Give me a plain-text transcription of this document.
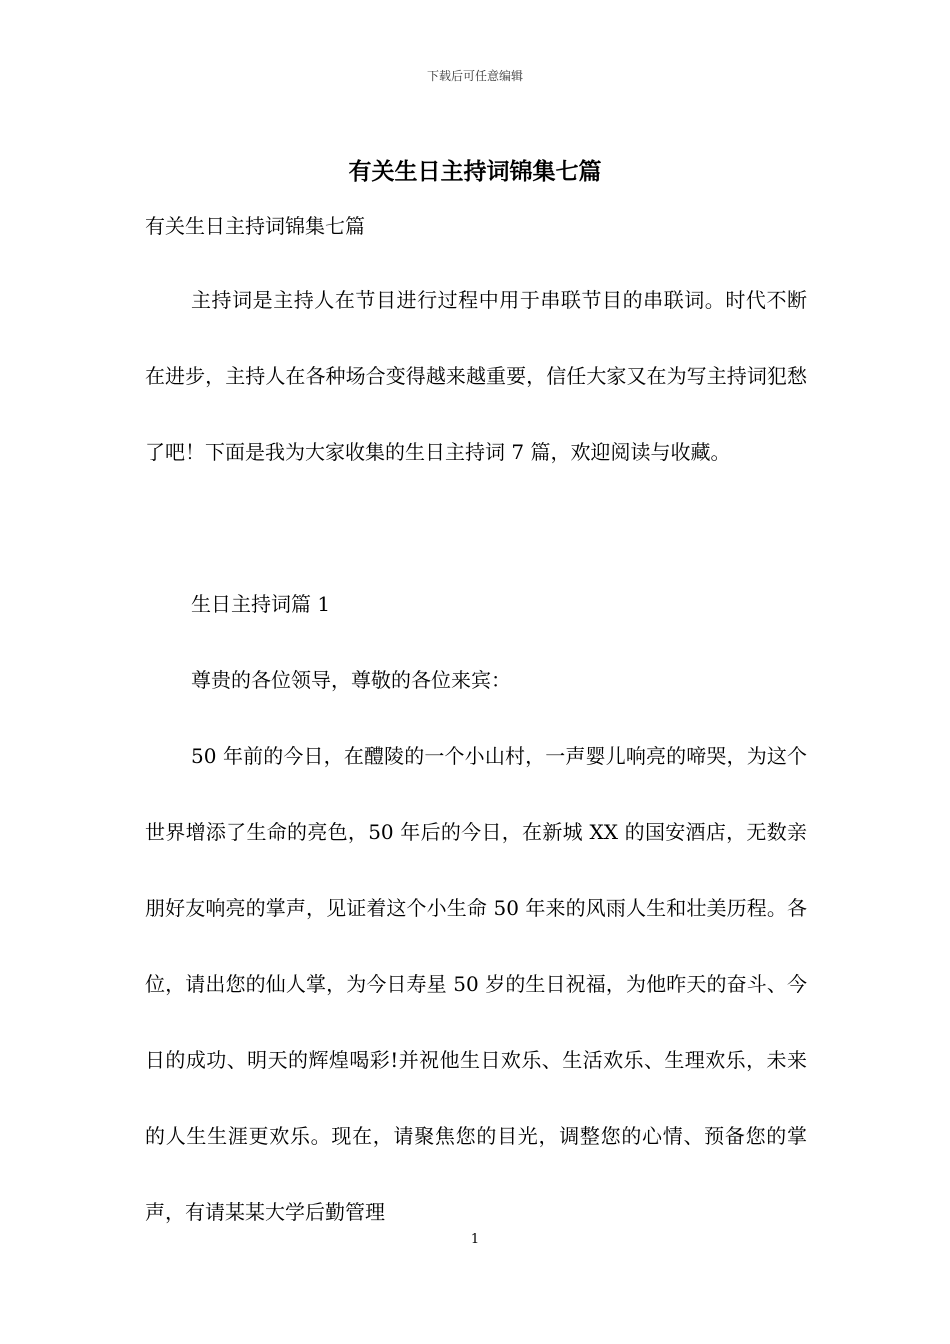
下载后可任意编辑
有关生日主持词锦集七篇
有关生日主持词锦集七篇

主持词是主持人在节目进行过程中用于串联节目的串联词。时代不断在进步，主持人在各种场合变得越来越重要，信任大家又在为写主持词犯愁了吧！下面是我为大家收集的生日主持词 7 篇，欢迎阅读与收藏。

生日主持词篇 1

尊贵的各位领导，尊敬的各位来宾：

50 年前的今日，在醴陵的一个小山村，一声婴儿响亮的啼哭，为这个世界增添了生命的亮色，50 年后的今日，在新城 XX 的国安酒店，无数亲朋好友响亮的掌声，见证着这个小生命 50 年来的风雨人生和壮美历程。各位，请出您的仙人掌，为今日寿星 50 岁的生日祝福，为他昨天的奋斗、今日的成功、明天的辉煌喝彩!并祝他生日欢乐、生活欢乐、生理欢乐，未来的人生生涯更欢乐。现在，请聚焦您的目光，调整您的心情、预备您的掌声，有请某某大学后勤管理

1
